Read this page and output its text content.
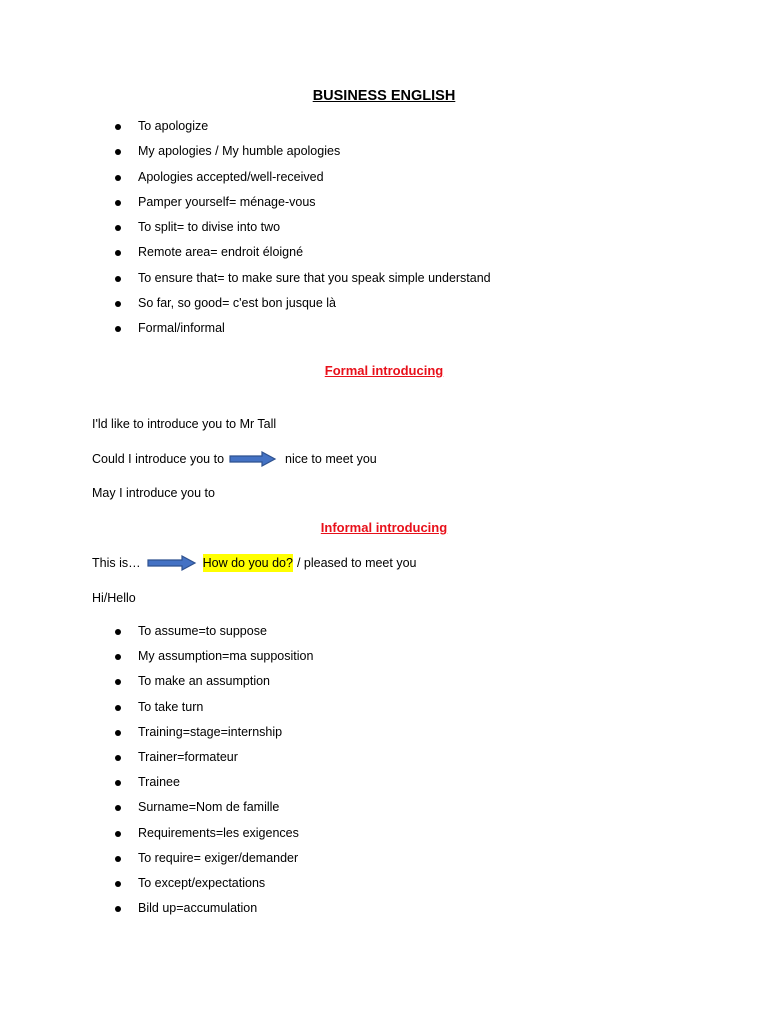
BUSINESS ENGLISH
To apologize
My apologies / My humble apologies
Apologies accepted/well-received
Pamper yourself= ménage-vous
To split= to divise into two
Remote area= endroit éloigné
To ensure that= to make sure that you speak simple understand
So far, so good= c'est bon jusque là
Formal/informal
Formal introducing
I'ld like to introduce you to Mr Tall
Could I introduce you to	nice to meet you
May I introduce you to
Informal introducing
This is…	How do you do? / pleased to meet you
Hi/Hello
To assume=to suppose
My assumption=ma supposition
To make an assumption
To take turn
Training=stage=internship
Trainer=formateur
Trainee
Surname=Nom de famille
Requirements=les exigences
To require= exiger/demander
To except/expectations
Bild up=accumulation
